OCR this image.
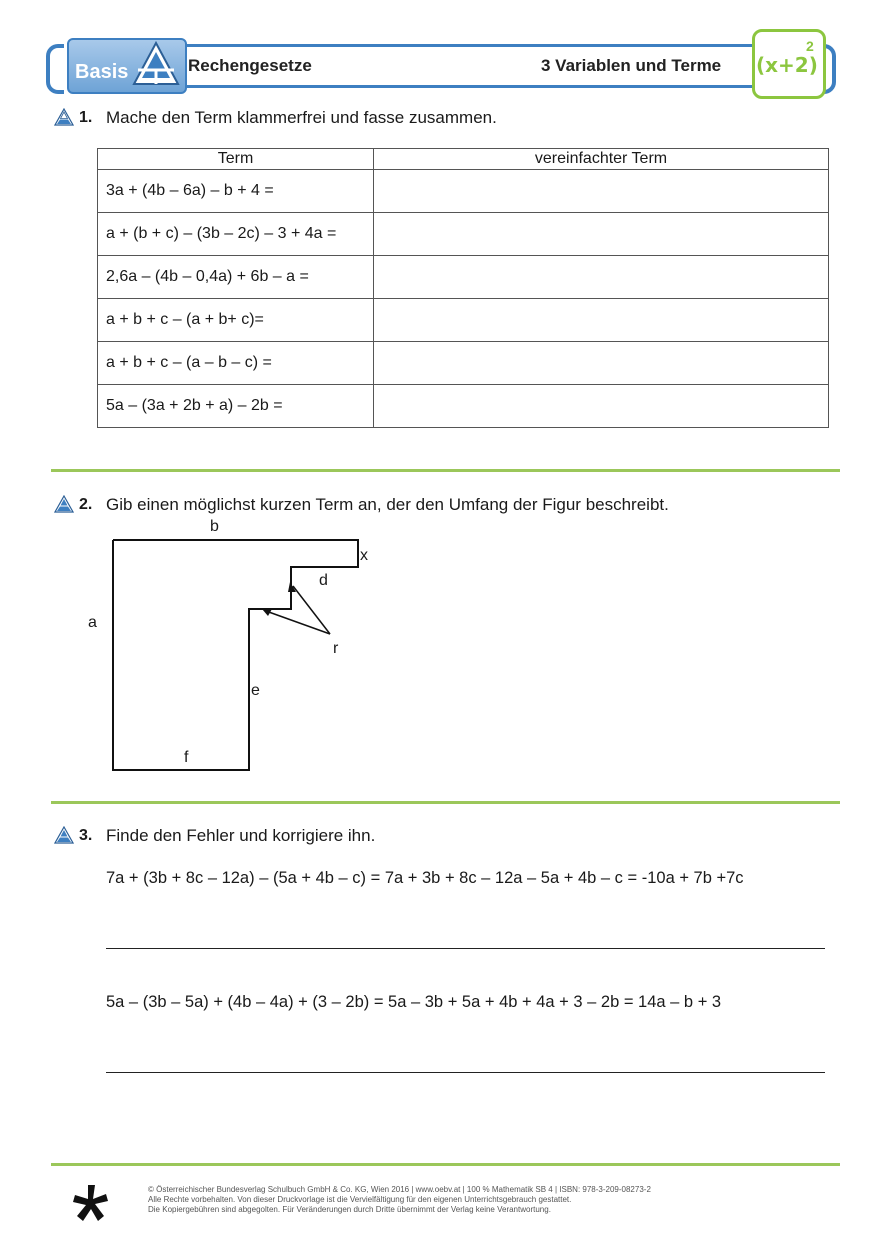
Basis	Rechengesetze	3 Variablen und Terme (x+2)
2
1. Mache den Term klammerfrei und fasse zusammen.
Term	vereinfachter Term
3a + (4b – 6a) – b + 4 =	
a + (b + c) – (3b – 2c) – 3 + 4a =	
2,6a – (4b – 0,4a) + 6b – a =	
a + b + c – (a + b+ c)=	
a + b + c – (a – b – c) =	
5a – (3a + 2b + a) – 2b =	
2. Gib einen möglichst kurzen Term an, der den Umfang der Figur beschreibt.
b
x
d
a
r
e
f
3. Finde den Fehler und korrigiere ihn.
7a + (3b + 8c – 12a) – (5a + 4b – c) = 7a + 3b + 8c – 12a – 5a + 4b – c = -10a + 7b +7c
5a – (3b – 5a) + (4b – 4a) + (3 – 2b) = 5a – 3b + 5a + 4b + 4a + 3 – 2b = 14a – b + 3
© Österreichischer Bundesverlag Schulbuch GmbH & Co. KG, Wien 2016 | www.oebv.at | 100 % Mathematik SB 4 | ISBN: 978-3-209-08273-2
Alle Rechte vorbehalten. Von dieser Druckvorlage ist die Vervielfältigung für den eigenen Unterrichtsgebrauch gestattet.
Die Kopiergebühren sind abgegolten. Für Veränderungen durch Dritte übernimmt der Verlag keine Verantwortung.
